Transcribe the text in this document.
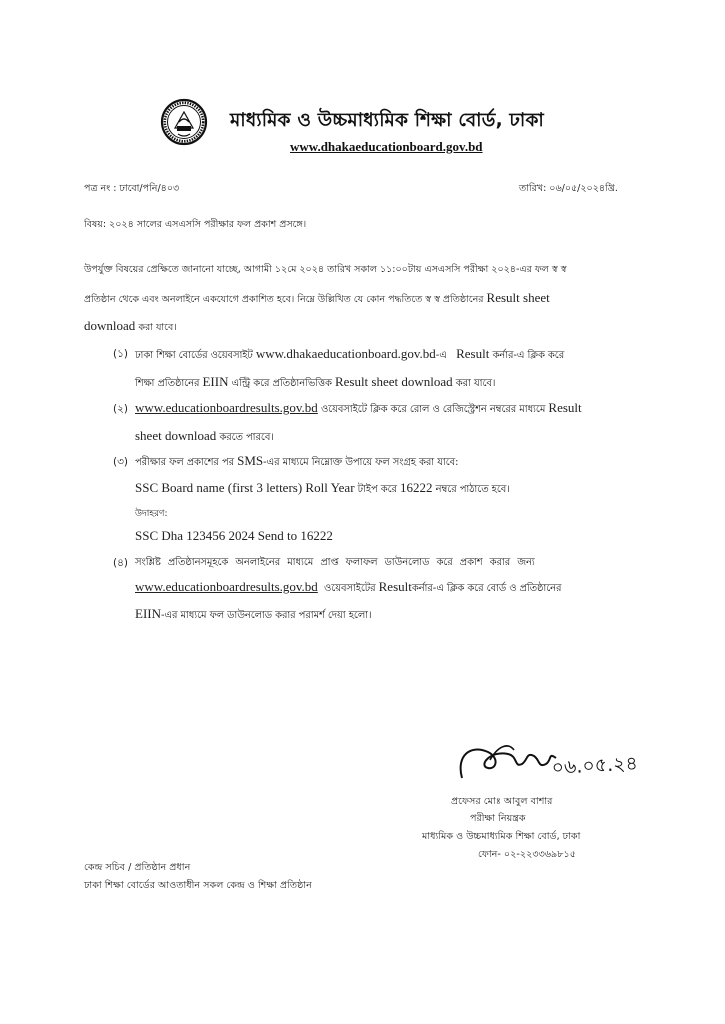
মাধ্যমিক ও উচ্চমাধ্যমিক শিক্ষা বোর্ড, ঢাকা
www.dhakaeducationboard.gov.bd
পত্র নং : ঢাবো/পনি/৪০৩	তারিখ: ০৬/০৫/২০২৪খ্রি.
বিষয়: ২০২৪ সালের এসএসসি পরীক্ষার ফল প্রকাশ প্রসঙ্গে।
উপর্যুক্ত বিষয়ের প্রেক্ষিতে জানানো যাচ্ছে, আগামী ১২মে ২০২৪ তারিখ সকাল ১১:০০টায় এসএসসি পরীক্ষা ২০২৪-এর ফল স্ব স্ব
প্রতিষ্ঠান থেকে এবং অনলাইনে একযোগে প্রকাশিত হবে। নিম্নে উল্লিখিত যে কোন পদ্ধতিতে স্ব স্ব প্রতিষ্ঠানের Result sheet
download করা যাবে।
(১) ঢাকা শিক্ষা বোর্ডের ওয়েবসাইট www.dhakaeducationboard.gov.bd-এ Result কর্নার-এ ক্লিক করে
শিক্ষা প্রতিষ্ঠানের EIIN এন্ট্রি করে প্রতিষ্ঠানভিত্তিক Result sheet download করা যাবে।
(২) www.educationboardresults.gov.bd ওয়েবসাইটে ক্লিক করে রোল ও রেজিস্ট্রেশন নম্বরের মাধ্যমে Result
sheet download করতে পারবে।
(৩) পরীক্ষার ফল প্রকাশের পর SMS-এর মাধ্যমে নিম্নোক্ত উপায়ে ফল সংগ্রহ করা যাবে:
SSC Board name (first 3 letters) Roll Year টাইপ করে 16222 নম্বরে পাঠাতে হবে।
উদাহরণ:
SSC Dha 123456 2024 Send to 16222
(৪) সংশ্লিষ্ট প্রতিষ্ঠানসমূহকে অনলাইনের মাধ্যমে প্রাপ্ত ফলাফল ডাউনলোড করে প্রকাশ করার জন্য
www.educationboardresults.gov.bd ওয়েবসাইটের Resultকর্নার-এ ক্লিক করে বোর্ড ও প্রতিষ্ঠানের
EIIN-এর মাধ্যমে ফল ডাউনলোড করার পরামর্শ দেয়া হলো।
০৬.০৫.২৪
প্রফেসর মোঃ আবুল বাশার
পরীক্ষা নিয়ন্ত্রক
মাধ্যমিক ও উচ্চমাধ্যমিক শিক্ষা বোর্ড, ঢাকা
ফোন- ০২-২২৩৩৬৯৮১৫
কেন্দ্র সচিব / প্রতিষ্ঠান প্রধান
ঢাকা শিক্ষা বোর্ডের আওতাধীন সকল কেন্দ্র ও শিক্ষা প্রতিষ্ঠান
